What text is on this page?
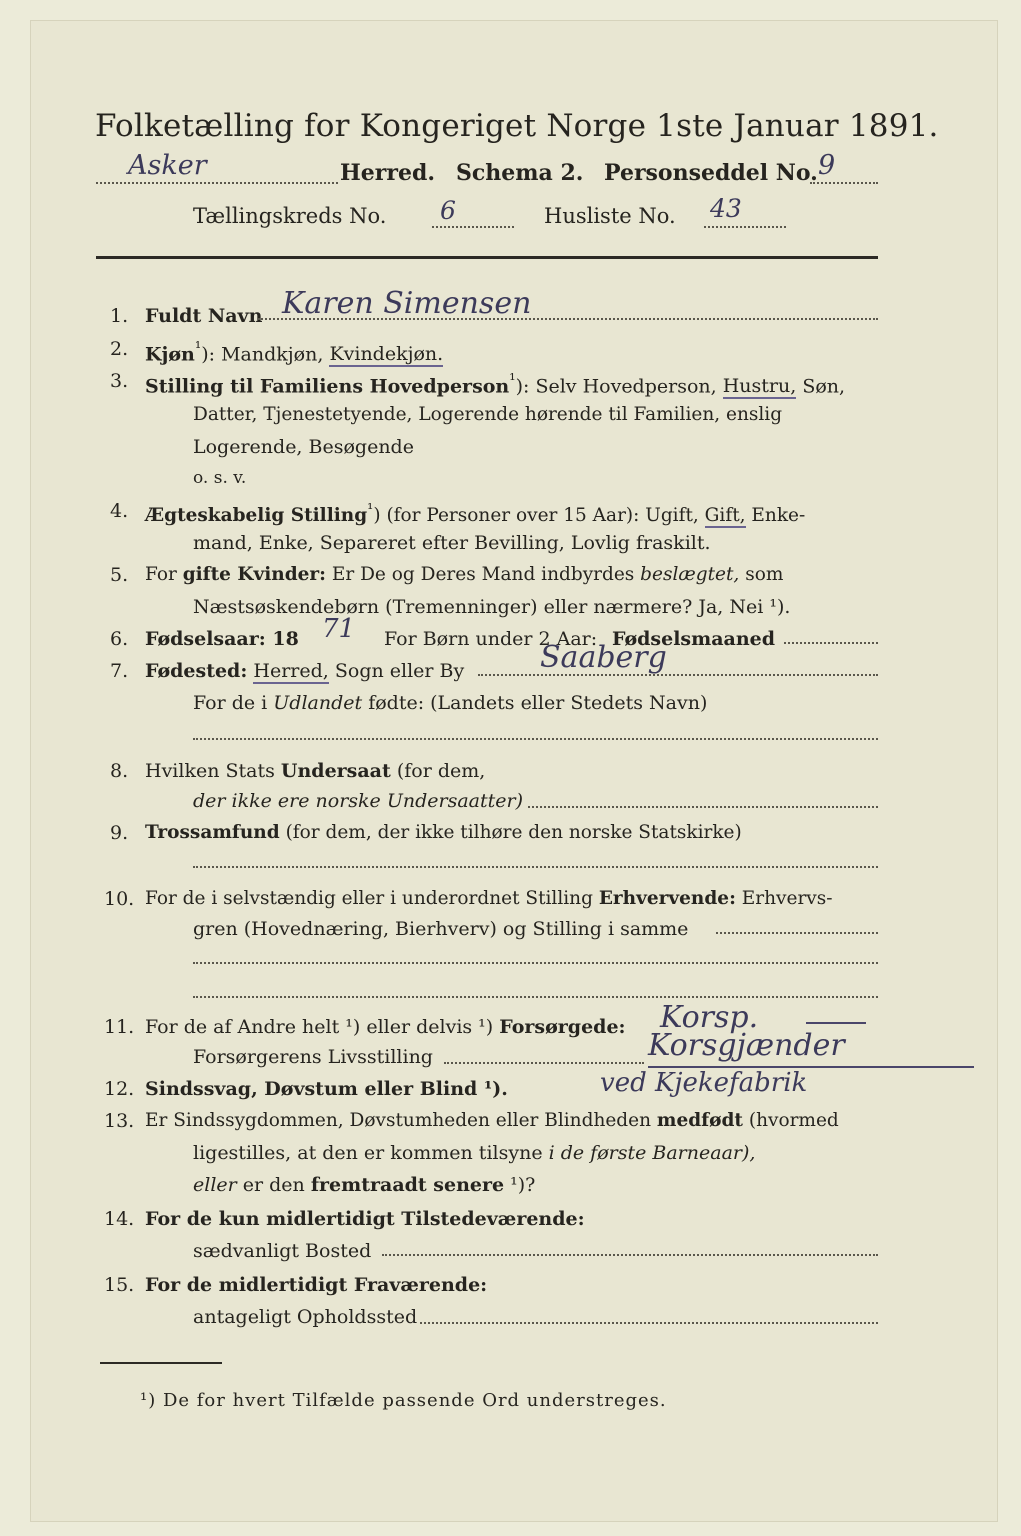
Folketælling for Kongeriget Norge 1ste Januar 1891.
Asker	Herred. Schema 2. Personseddel No. 9
Tællingskreds No. 6	Husliste No. 43
1. Fuldt Navn Karen Simensen
2. Kjøn$^{^1}$): Mandkjøn, Kvindekjøn.
3. Stilling til Familiens Hovedperson$^{^1}$): Selv Hovedperson, Hustru, Søn,
Datter, Tjenestetyende, Logerende hørende til Familien, enslig
Logerende, Besøgende
o. s. v.
4. Ægteskabelig Stilling$^{^1}$) (for Personer over 15 Aar): Ugift, Gift, Enke-
mand, Enke, Separeret efter Bevilling, Lovlig fraskilt.
5. For gifte Kvinder: Er De og Deres Mand indbyrdes beslægtet, som
Næstsøskendebørn (Tremenninger) eller nærmere? Ja, Nei ¹).
6. Fødselsaar: 18 71 For Børn under 2 Aar: Fødselsmaaned
7. Fødested: Herred, Sogn eller By	Saaberg
For de i Udlandet fødte: (Landets eller Stedets Navn)
8. Hvilken Stats Undersaat (for dem,
der ikke ere norske Undersaatter)
9. Trossamfund (for dem, der ikke tilhøre den norske Statskirke)
10. For de i selvstændig eller i underordnet Stilling Erhvervende: Erhvervs-
gren (Hovednæring, Bierhverv) og Stilling i samme
11. For de af Andre helt ¹) eller delvis ¹) Forsørgede: Korsp.
Forsørgerens Livsstilling	Korsgjænder
12. Sindssvag, Døvstum eller Blind ¹).	ved Kjekefabrik
13. Er Sindssygdommen, Døvstumheden eller Blindheden medfødt (hvormed
ligestilles, at den er kommen tilsyne i de første Barneaar),
eller er den fremtraadt senere ¹)?
14. For de kun midlertidigt Tilstedeværende:
sædvanligt Bosted
15. For de midlertidigt Fraværende:
antageligt Opholdssted
¹) De for hvert Tilfælde passende Ord understreges.
